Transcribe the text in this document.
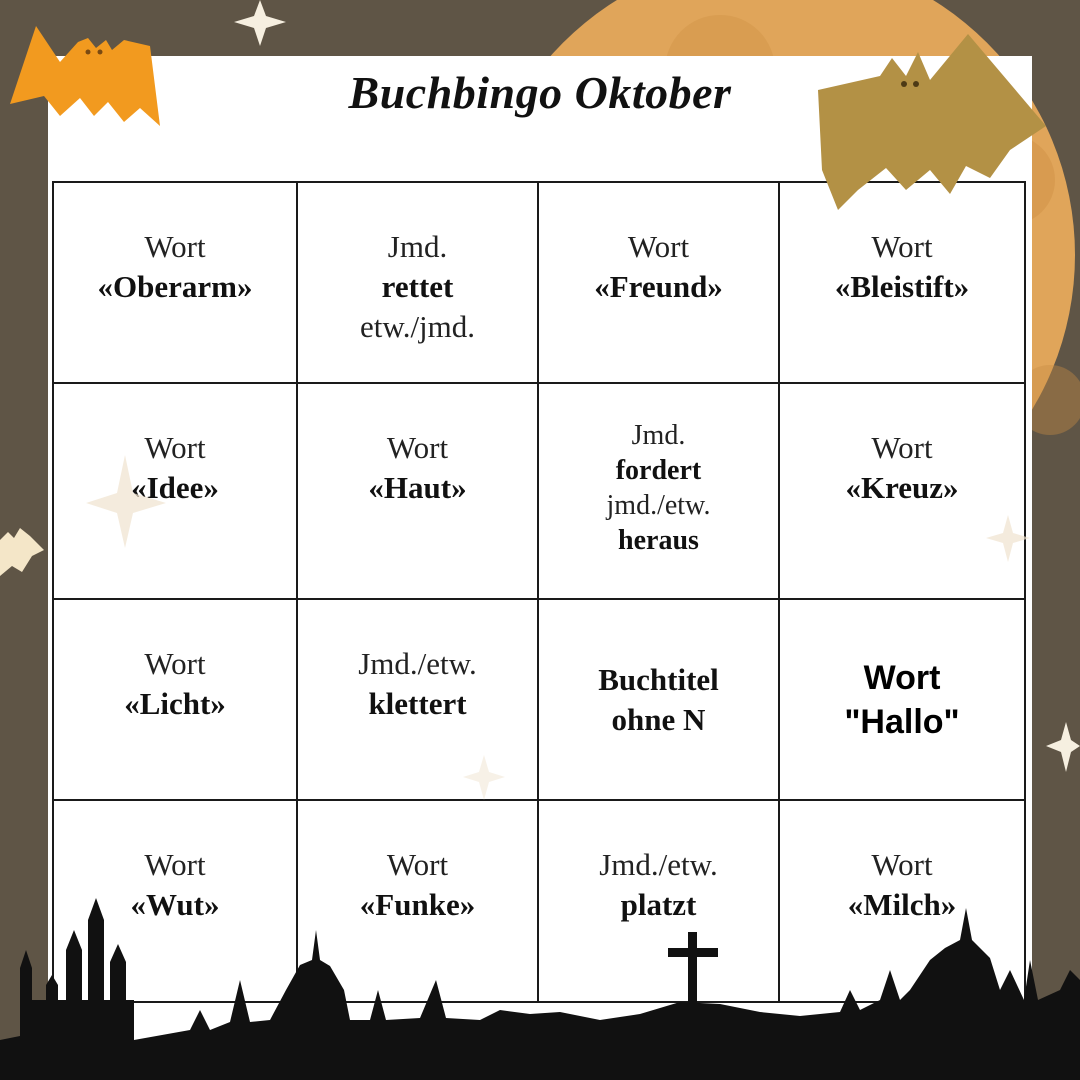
Buchbingo Oktober
Wort
«Oberarm»
Jmd.
rettet
etw./jmd.
Wort
«Freund»
Wort
«Bleistift»
Wort
«Idee»
Wort
«Haut»
Jmd.
fordert
jmd./etw.
heraus
Wort
«Kreuz»
Wort
«Licht»
Jmd./etw.
klettert
Buchtitel
ohne N
Wort
"Hallo"
Wort
«Wut»
Wort
«Funke»
Jmd./etw.
platzt
Wort
«Milch»
